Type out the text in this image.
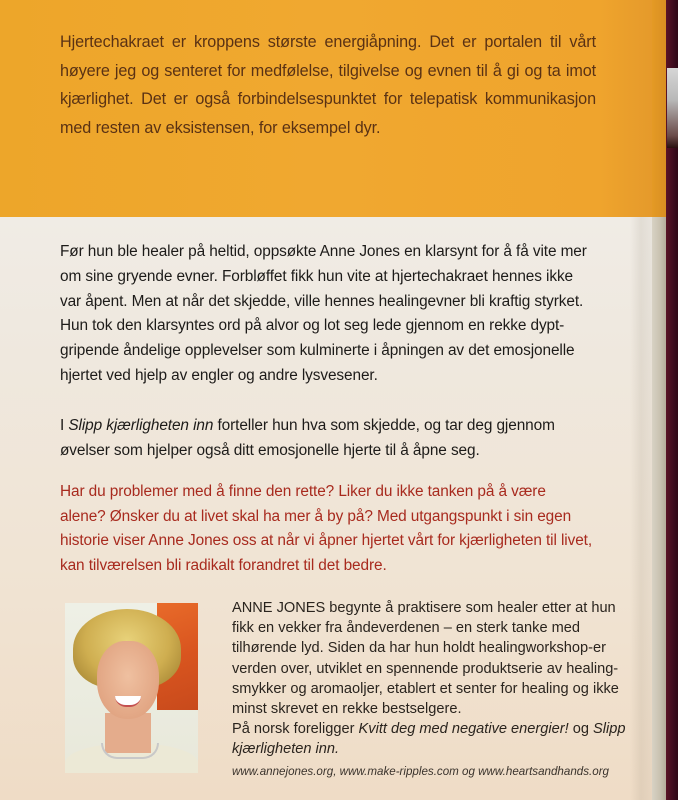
Hjertechakraet er kroppens største energiåpning. Det er portalen til vårt høyere jeg og senteret for medfølelse, tilgivelse og evnen til å gi og ta imot kjærlighet. Det er også forbindelsespunktet for telepatisk kommunikasjon med resten av eksistensen, for eksempel dyr.

Før hun ble healer på heltid, oppsøkte Anne Jones en klarsynt for å få vite mer om sine gryende evner. Forbløffet fikk hun vite at hjertechakraet hennes ikke var åpent. Men at når det skjedde, ville hennes healingevner bli kraftig styrket. Hun tok den klarsyntes ord på alvor og lot seg lede gjennom en rekke dypt-gripende åndelige opplevelser som kulminerte i åpningen av det emosjonelle hjertet ved hjelp av engler og andre lysvesener.

I Slipp kjærligheten inn forteller hun hva som skjedde, og tar deg gjennom øvelser som hjelper også ditt emosjonelle hjerte til å åpne seg.

Har du problemer med å finne den rette? Liker du ikke tanken på å være alene? Ønsker du at livet skal ha mer å by på? Med utgangspunkt i sin egen historie viser Anne Jones oss at når vi åpner hjertet vårt for kjærligheten til livet, kan tilværelsen bli radikalt forandret til det bedre.

ANNE JONES begynte å praktisere som healer etter at hun fikk en vekker fra åndeverdenen – en sterk tanke med tilhørende lyd. Siden da har hun holdt healingworkshop-er verden over, utviklet en spennende produktserie av healing-smykker og aromaoljer, etablert et senter for healing og ikke minst skrevet en rekke bestselgere.

På norsk foreligger Kvitt deg med negative energier! og Slipp kjærligheten inn.

www.annejones.org, www.make-ripples.com og www.heartsandhands.org
